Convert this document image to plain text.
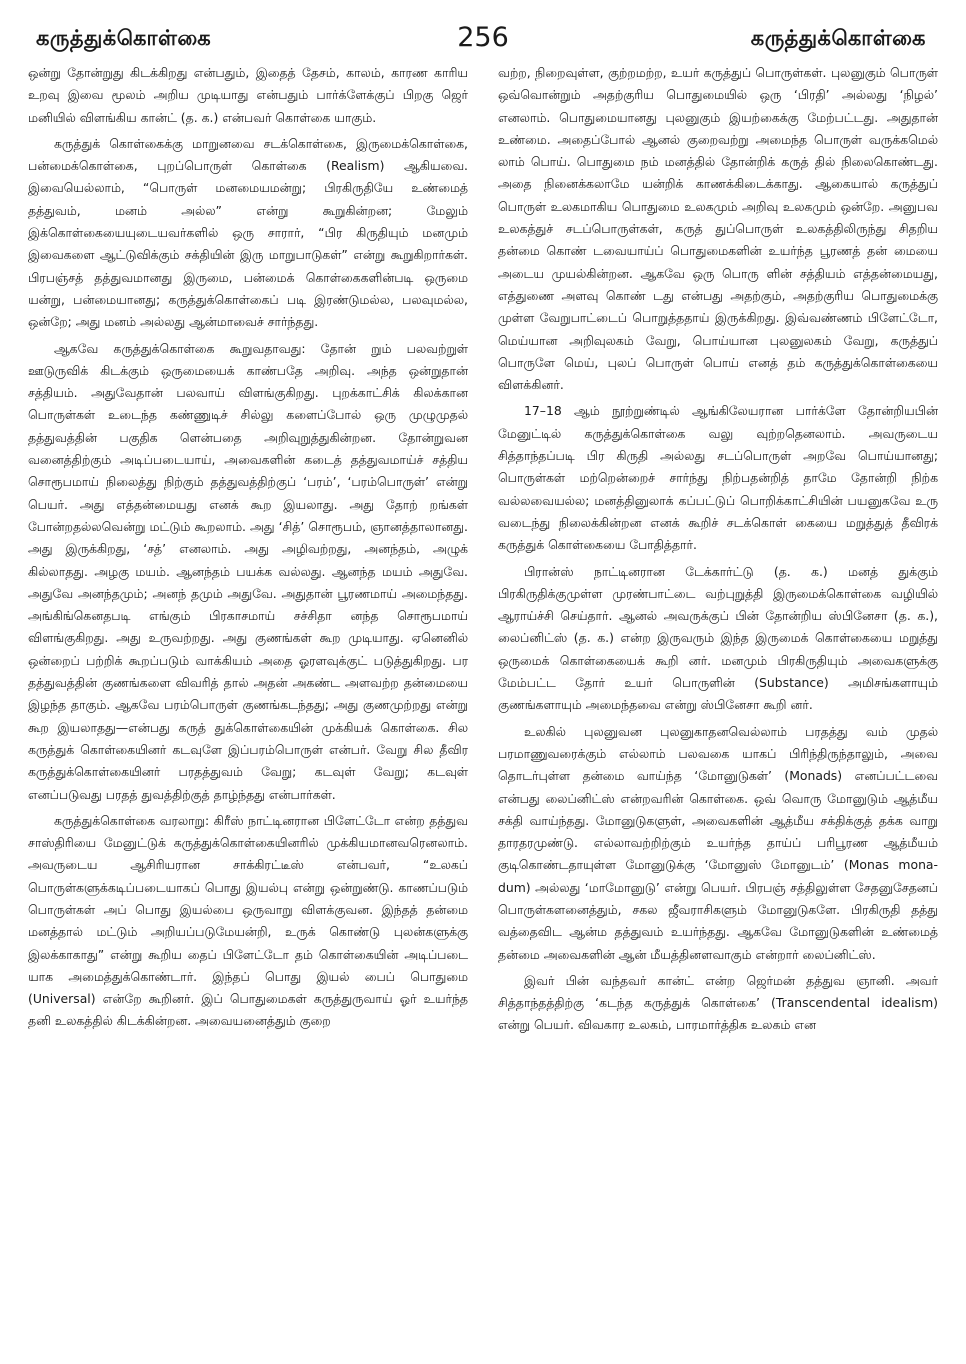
கருத்துக்கொள்கை	256	கருத்துக்கொள்கை

ஒன்று தோன்றுது கிடக்கிறது என்பதும், இதைத் தேசம், காலம், காரண காரிய உறவு இவை மூலம் அறிய முடியாது என்பதும் பார்க்ளேக்குப் பிறகு ஜெர் மனியில் விளங்கிய கான்ட் (த. க.) என்பவர் கொள்கை யாகும்.

கருத்துக் கொள்கைக்கு மாறுனவை சடக்கொள்கை, இருமைக்கொள்கை, பன்மைக்கொள்கை, புறப்பொருள் கொள்கை (Realism) ஆகியவை. இவையெல்லாம், “பொருள் மனமையமன்று; பிரகிருதியே உண்மைத் தத்துவம், மனம் அல்ல” என்று கூறுகின்றன; மேலும் இக்கொள்கையையுடையவர்களில் ஒரு சாரார், “பிர கிருதியும் மனமும் இவைகளை ஆட்டுவிக்கும் சக்தியின் இரு மாறுபாடுகள்” என்று கூறுகிறார்கள். பிரபஞ்சத் தத்துவமானது இருமை, பன்மைக் கொள்கைகளின்படி ஒருமை யன்று, பன்மையானது; கருத்துக்கொள்கைப் படி இரண்டுமல்ல, பலவுமல்ல, ஒன்றே; அது மனம் அல்லது ஆன்மாவைச் சார்ந்தது.

ஆகவே கருத்துக்கொள்கை கூறுவதாவது: தோன் றும் பலவற்றுள் ஊடுருவிக் கிடக்கும் ஒருமையைக் காண்பதே அறிவு. அந்த ஒன்றுதான் சத்தியம். அதுவேதான் பலவாய் விளங்குகிறது. புறக்காட்சிக் கிலக்கான பொருள்கள் உடைந்த கண்ணுடிச் சில்லு களைப்போல் ஒரு முழுமுதல் தத்துவத்தின் பகுதிக ளென்பதை அறிவுறுத்துகின்றன. தோன்றுவன வனைத்திற்கும் அடிப்படையாய், அவைகளின் கடைத் தத்துவமாய்ச் சத்திய சொரூபமாய் நிலைத்து நிற்கும் தத்துவத்திற்குப் ‘பரம்’, ‘பரம்பொருள்’ என்று பெயர். அது எத்தன்மையது எனக் கூற இயலாது. அது தோற் றங்கள் போன்றதல்லவென்று மட்டும் கூறலாம். அது ‘சித்’ சொரூபம், ஞானத்தாலானது. அது இருக்கிறது, ‘சத்’ எனலாம். அது அழிவற்றது, அனந்தம், அழுக் கில்லாதது. அழகு மயம். ஆனந்தம் பயக்க வல்லது. ஆனந்த மயம் அதுவே. அதுவே அனந்தமும்; அனந் தமும் அதுவே. அதுதான் பூரணமாய் அமைந்தது. அங்கிங்கெனதபடி எங்கும் பிரகாசமாய் சச்சிதா னந்த சொரூபமாய் விளங்குகிறது. அது உருவற்றது. அது குணங்கள் கூற முடியாது. ஏனெனில் ஒன்றைப் பற்றிக் கூறப்படும் வாக்கியம் அதை ஓரளவுக்குட் படுத்துகிறது. பர தத்துவத்தின் குணங்களை விவரித் தால் அதன் அகண்ட அளவற்ற தன்மையை இழந்த தாகும். ஆகவே பரம்பொருள் குணங்கடந்தது; அது குணமுற்றது என்று கூற இயலாதது—என்பது கருத் துக்கொள்கையின் முக்கியக் கொள்கை. சில கருத்துக் கொள்கையினர் கடவுளே இப்பரம்பொருள் என்பர். வேறு சில தீவிர கருத்துக்கொள்கையினர் பரதத்துவம் வேறு; கடவுள் வேறு; கடவுள் எனப்படுவது பரதத் துவத்திற்குத் தாழ்ந்தது என்பார்கள்.

கருத்துக்கொள்கை வரலாறு: கிரீஸ் நாட்டினரான பிளேட்டோ என்ற தத்துவ சாஸ்திரியை மேனுட்டுக் கருத்துக்கொள்கையினரில் முக்கியமானவரெனலாம். அவருடைய ஆசிரியரான சாக்கிரட்டீஸ் என்பவர், “உலகப் பொருள்களுக்கடிப்படையாகப் பொது இயல்பு என்று ஒன்றுண்டு. காணப்படும் பொருள்கள் அப் பொது இயல்பை ஒருவாறு விளக்குவன. இந்தத் தன்மை மனத்தால் மட்டும் அறியப்படுமேயன்றி, உருக் கொண்டு புலன்களுக்கு இலக்காகாது” என்று கூறிய தைப் பிளேட்டோ தம் கொள்கையின் அடிப்படை யாக அமைத்துக்கொண்டார். இந்தப் பொது இயல் பைப் பொதுமை (Universal) என்றே கூறினர். இப் பொதுமைகள் கருத்துருவாய் ஓர் உயர்ந்த தனி உலகத்தில் கிடக்கின்றன. அவையனைத்தும் குறை

வற்ற, நிறைவுள்ள, குற்றமற்ற, உயர் கருத்துப் பொருள்கள். புலனுகும் பொருள் ஒவ்வொன்றும் அதற்குரிய பொதுமையில் ஒரு ‘பிரதி’ அல்லது ‘நிழல்’ எனலாம். பொதுமையானது புலனுகும் இயற்கைக்கு மேற்பட்டது. அதுதான் உண்மை. அதைப்போல் ஆனல் குறைவற்று அமைந்த பொருள் வருக்கமெல் லாம் பொய். பொதுமை நம் மனத்தில் தோன்றிக் கருத் தில் நிலைகொண்டது. அதை நினைக்கலாமே யன்றிக் காணக்கிடைக்காது. ஆகையால் கருத்துப் பொருள் உலகமாகிய பொதுமை உலகமும் அறிவு உலகமும் ஒன்றே. அனுபவ உலகத்துச் சடப்பொருள்கள், கருத் துப்பொருள் உலகத்திலிருந்து சிதறிய தன்மை கொண் டவையாய்ப் பொதுமைகளின் உயர்ந்த பூரணத் தன் மையை அடைய முயல்கின்றன. ஆகவே ஒரு பொரு ளின் சத்தியம் எத்தன்மையது, எத்துணை அளவு கொண் டது என்பது அதற்கும், அதற்குரிய பொதுமைக்கு முள்ள வேறுபாட்டைப் பொறுத்ததாய் இருக்கிறது. இவ்வண்ணம் பிளேட்டோ, மெய்யான அறிவுலகம் வேறு, பொய்யான புலனுலகம் வேறு, கருத்துப் பொருளே மெய், புலப் பொருள் பொய் எனத் தம் கருத்துக்கொள்கையை விளக்கினர்.

17–18 ஆம் நூற்றுண்டில் ஆங்கிலேயரான பார்க்ளே தோன்றியபின் மேனுட்டில் கருத்துக்கொள்கை வலு வுற்றதெனலாம். அவருடைய சித்தாந்தப்படி பிர கிருதி அல்லது சடப்பொருள் அறவே பொய்யானது; பொருள்கள் மற்றென்றைச் சார்ந்து நிற்பதன்றித் தாமே தோன்றி நிற்க வல்லவையல்ல; மனத்தினுலாக் கப்பட்டுப் பொறிக்காட்சியின் பயனுகவே உரு வடைந்து நிலைக்கின்றன எனக் கூறிச் சடக்கொள் கையை மறுத்துத் தீவிரக் கருத்துக் கொள்கையை போதித்தார்.

பிரான்ஸ் நாட்டினரான டேக்கார்ட்டு (த. க.) மனத் துக்கும் பிரகிருதிக்குமுள்ள முரண்பாட்டை வற்புறுத்தி இருமைக்கொள்கை வழியில் ஆராய்ச்சி செய்தார். ஆனல் அவருக்குப் பின் தோன்றிய ஸ்பினேசா (த. க.), லைப்னிட்ஸ் (த. க.) என்ற இருவரும் இந்த இருமைக் கொள்கையை மறுத்து ஒருமைக் கொள்கையைக் கூறி னர். மனமும் பிரகிருதியும் அவைகளுக்கு மேம்பட்ட தோர் உயர் பொருளின் (Substance) அமிசங்களாயும் குணங்களாயும் அமைந்தவை என்று ஸ்பினேசா கூறி னர்.

உலகில் புலனுவன புலனுகாதனவெல்லாம் பரதத்து வம் முதல் பரமாணுவரைக்கும் எல்லாம் பலவகை யாகப் பிரிந்திருந்தாலும், அவை தொடர்புள்ள தன்மை வாய்ந்த ‘மோனுடுகள்’ (Monads) எனப்பட்டவை என்பது லைப்னிட்ஸ் என்றவரின் கொள்கை. ஒவ் வொரு மோனுடும் ஆத்மீய சக்தி வாய்ந்தது. மோனுடுகளுள், அவைகளின் ஆத்மீய சக்திக்குத் தக்க வாறு தாரதரமுண்டு. எல்லாவற்றிற்கும் உயர்ந்த தாய்ப் பரிபூரண ஆத்மீயம் குடிகொண்டதாயுள்ள மோனுடுக்கு ‘மோனுஸ் மோனுடம்’ (Monas mona- dum) அல்லது ‘மாமோனுடு’ என்று பெயர். பிரபஞ் சத்திலுள்ள சேதனுசேதனப் பொருள்களனைத்தும், சகல ஜீவராசிகளும் மோனுடுகளே. பிரகிருதி தத்து வத்தைவிட ஆன்ம தத்துவம் உயர்ந்தது. ஆகவே மோனுடுகளின் உண்மைத் தன்மை அவைகளின் ஆன் மீயத்தினளவாகும் என்றார் லைப்னிட்ஸ்.

இவர் பின் வந்தவர் கான்ட் என்ற ஜெர்மன் தத்துவ ஞானி. அவர் சித்தாந்தத்திற்கு ‘கடந்த கருத்துக் கொள்கை’ (Transcendental idealism) என்று பெயர். விவகார உலகம், பாரமார்த்திக உலகம் என
